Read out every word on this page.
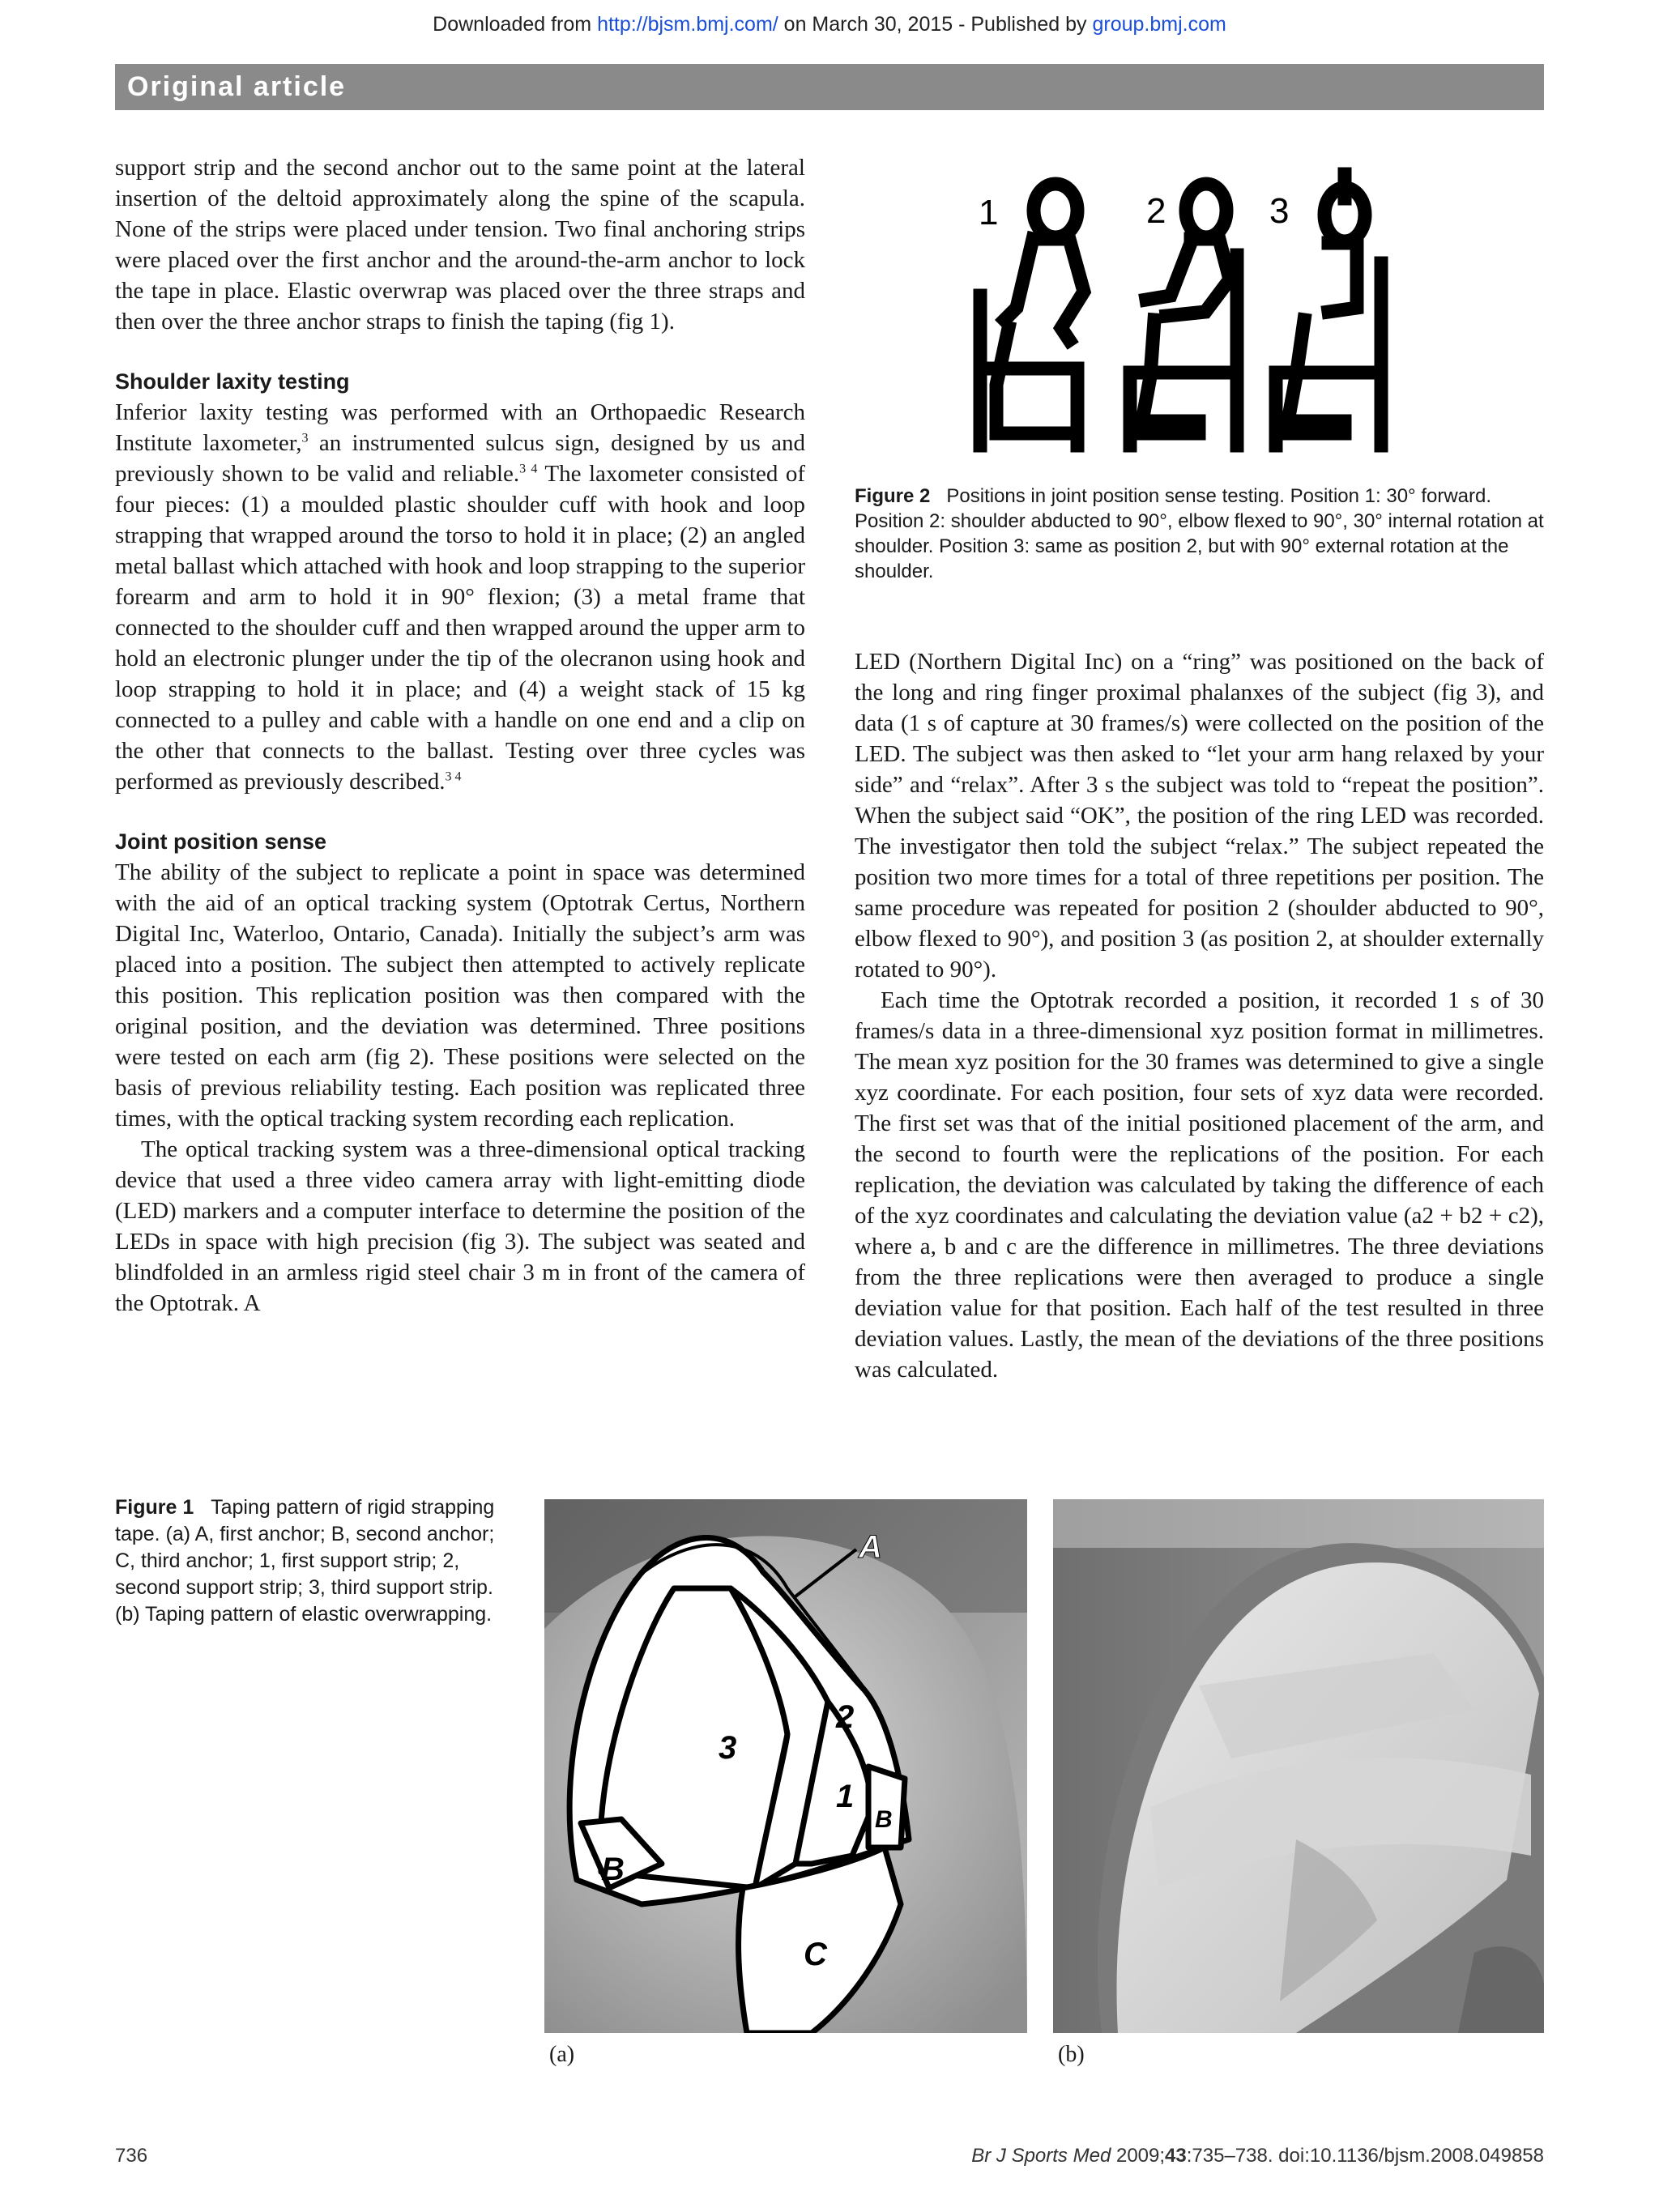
Downloaded from http://bjsm.bmj.com/ on March 30, 2015 - Published by group.bmj.com
Original article

support strip and the second anchor out to the same point at the lateral insertion of the deltoid approximately along the spine of the scapula. None of the strips were placed under tension. Two final anchoring strips were placed over the first anchor and the around-the-arm anchor to lock the tape in place. Elastic overwrap was placed over the three straps and then over the three anchor straps to finish the taping (fig 1).

Shoulder laxity testing

Inferior laxity testing was performed with an Orthopaedic Research Institute laxometer,$^3$ an instrumented sulcus sign, designed by us and previously shown to be valid and reliable.$^{3 4}$ The laxometer consisted of four pieces: (1) a moulded plastic shoulder cuff with hook and loop strapping that wrapped around the torso to hold it in place; (2) an angled metal ballast which attached with hook and loop strapping to the superior forearm and arm to hold it in 90° flexion; (3) a metal frame that connected to the shoulder cuff and then wrapped around the upper arm to hold an electronic plunger under the tip of the olecranon using hook and loop strapping to hold it in place; and (4) a weight stack of 15 kg connected to a pulley and cable with a handle on one end and a clip on the other that connects to the ballast. Testing over three cycles was performed as previously described.$^{3 4}$

Joint position sense

The ability of the subject to replicate a point in space was determined with the aid of an optical tracking system (Optotrak Certus, Northern Digital Inc, Waterloo, Ontario, Canada). Initially the subject’s arm was placed into a position. The subject then attempted to actively replicate this position. This replication position was then compared with the original position, and the deviation was determined. Three positions were tested on each arm (fig 2). These positions were selected on the basis of previous reliability testing. Each position was replicated three times, with the optical tracking system recording each replication.

The optical tracking system was a three-dimensional optical tracking device that used a three video camera array with light-emitting diode (LED) markers and a computer interface to determine the position of the LEDs in space with high precision (fig 3). The subject was seated and blindfolded in an armless rigid steel chair 3 m in front of the camera of the Optotrak. A

1	2	3
Figure 2 Positions in joint position sense testing. Position 1: 30° forward. Position 2: shoulder abducted to 90°, elbow flexed to 90°, 30° internal rotation at shoulder. Position 3: same as position 2, but with 90° external rotation at the shoulder.

LED (Northern Digital Inc) on a “ring” was positioned on the back of the long and ring finger proximal phalanxes of the subject (fig 3), and data (1 s of capture at 30 frames/s) were collected on the position of the LED. The subject was then asked to “let your arm hang relaxed by your side” and “relax”. After 3 s the subject was told to “repeat the position”. When the subject said “OK”, the position of the ring LED was recorded. The investigator then told the subject “relax.” The subject repeated the position two more times for a total of three repetitions per position. The same procedure was repeated for position 2 (shoulder abducted to 90°, elbow flexed to 90°), and position 3 (as position 2, at shoulder externally rotated to 90°).

Each time the Optotrak recorded a position, it recorded 1 s of 30 frames/s data in a three-dimensional xyz position format in millimetres. The mean xyz position for the 30 frames was determined to give a single xyz coordinate. For each position, four sets of xyz data were recorded. The first set was that of the initial positioned placement of the arm, and the second to fourth were the replications of the position. For each replication, the deviation was calculated by taking the difference of each of the xyz coordinates and calculating the deviation value (a2 + b2 + c2), where a, b and c are the difference in millimetres. The three deviations from the three replications were then averaged to produce a single deviation value for that position. Each half of the test resulted in three deviation values. Lastly, the mean of the deviations of the three positions was calculated.

Figure 1 Taping pattern of rigid strapping tape. (a) A, first anchor; B, second anchor; C, third anchor; 1, first support strip; 2, second support strip; 3, third support strip. (b) Taping pattern of elastic overwrapping.
A
B
B
C
1
2
3
(a)	(b)
736	Br J Sports Med 2009;43:735–738. doi:10.1136/bjsm.2008.049858
